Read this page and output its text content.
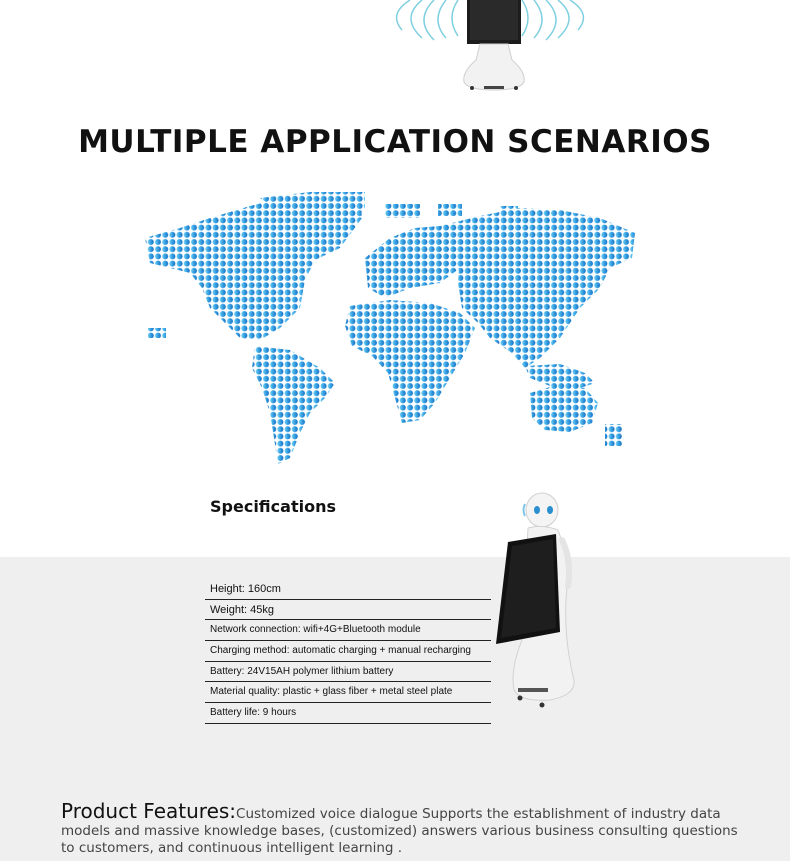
MULTIPLE APPLICATION SCENARIOS
Specifications
Height: 160cm
Weight: 45kg
Network connection: wifi+4G+Bluetooth module
Charging method: automatic charging + manual recharging
Battery: 24V15AH polymer lithium battery
Material quality: plastic + glass fiber + metal steel plate
Battery life: 9 hours
Product Features:Customized voice dialogue Supports the establishment of industry data models and massive knowledge bases, (customized) answers various business consulting questions to customers, and continuous intelligent learning .
